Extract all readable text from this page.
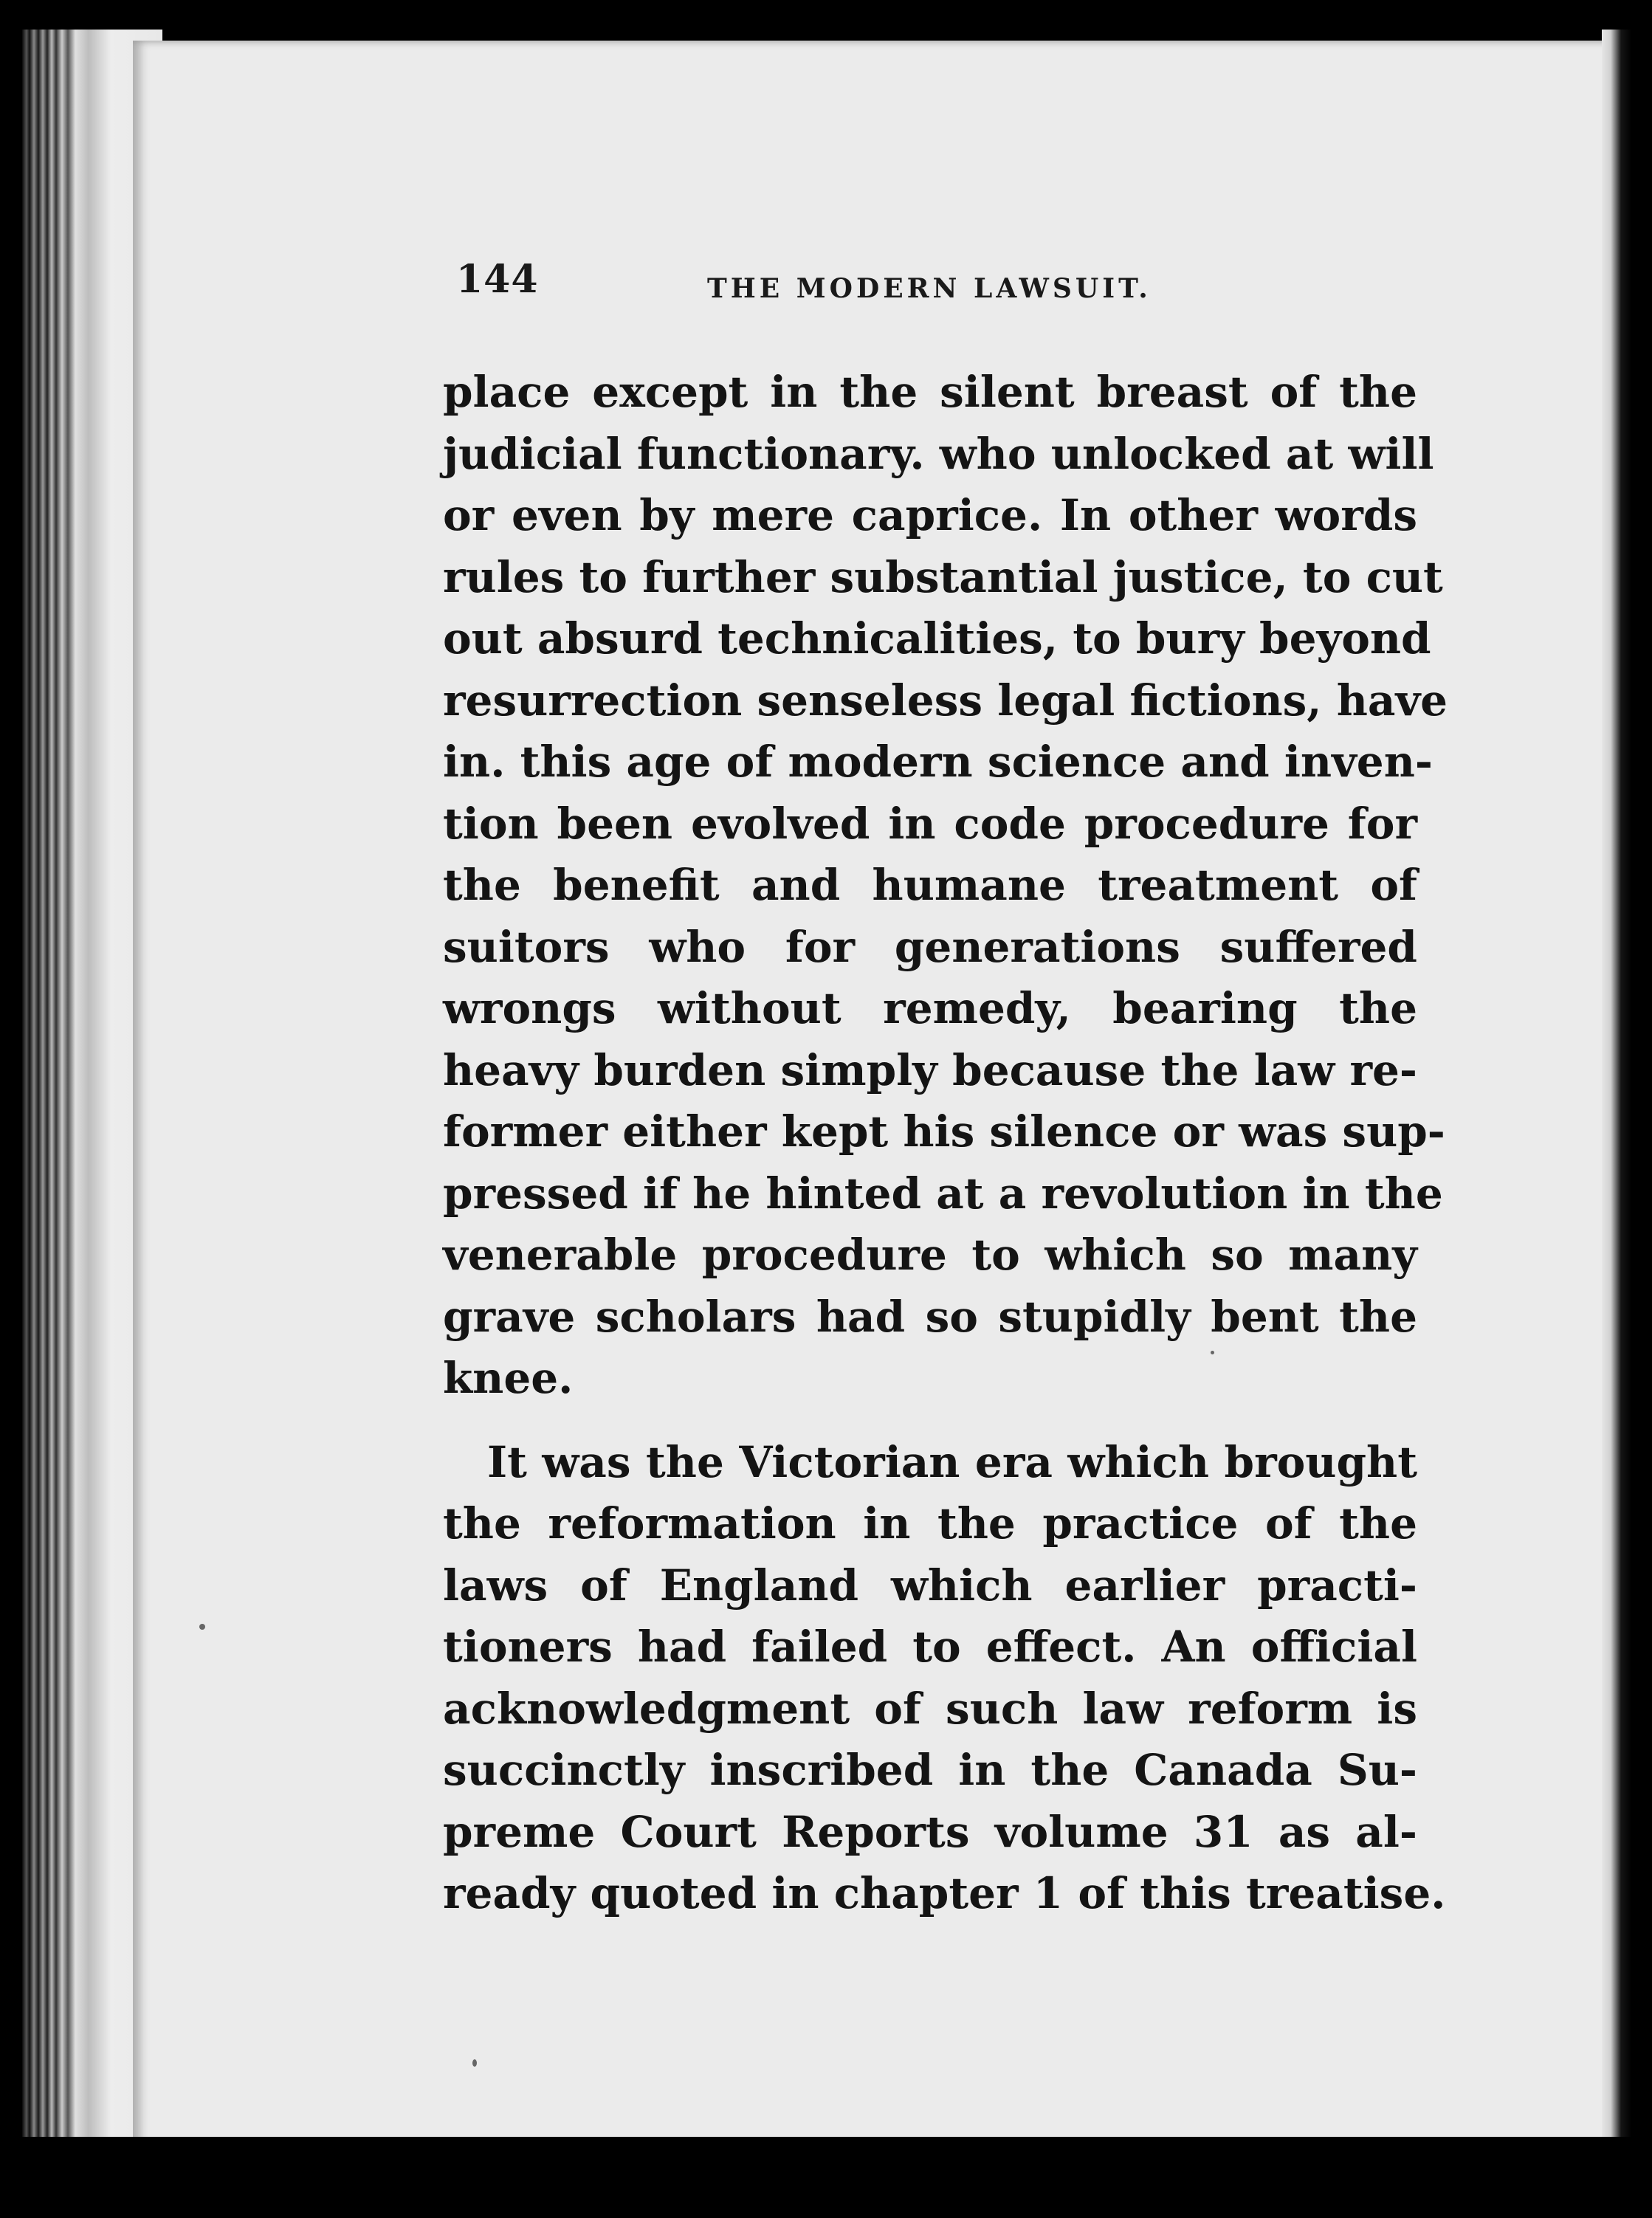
144	THE MODERN LAWSUIT.
place except in the silent breast of the
judicial functionary. who unlocked at will
or even by mere caprice. In other words
rules to further substantial justice, to cut
out absurd technicalities, to bury beyond
resurrection senseless legal fictions, have
in. this age of modern science and inven-
tion been evolved in code procedure for
the benefit and humane treatment of
suitors who for generations suffered
wrongs without remedy, bearing the
heavy burden simply because the law re-
former either kept his silence or was sup-
pressed if he hinted at a revolution in the
venerable procedure to which so many
grave scholars had so stupidly bent the
knee.
It was the Victorian era which brought
the reformation in the practice of the
laws of England which earlier practi-
tioners had failed to effect. An official
acknowledgment of such law reform is
succinctly inscribed in the Canada Su-
preme Court Reports volume 31 as al-
ready quoted in chapter 1 of this treatise.
